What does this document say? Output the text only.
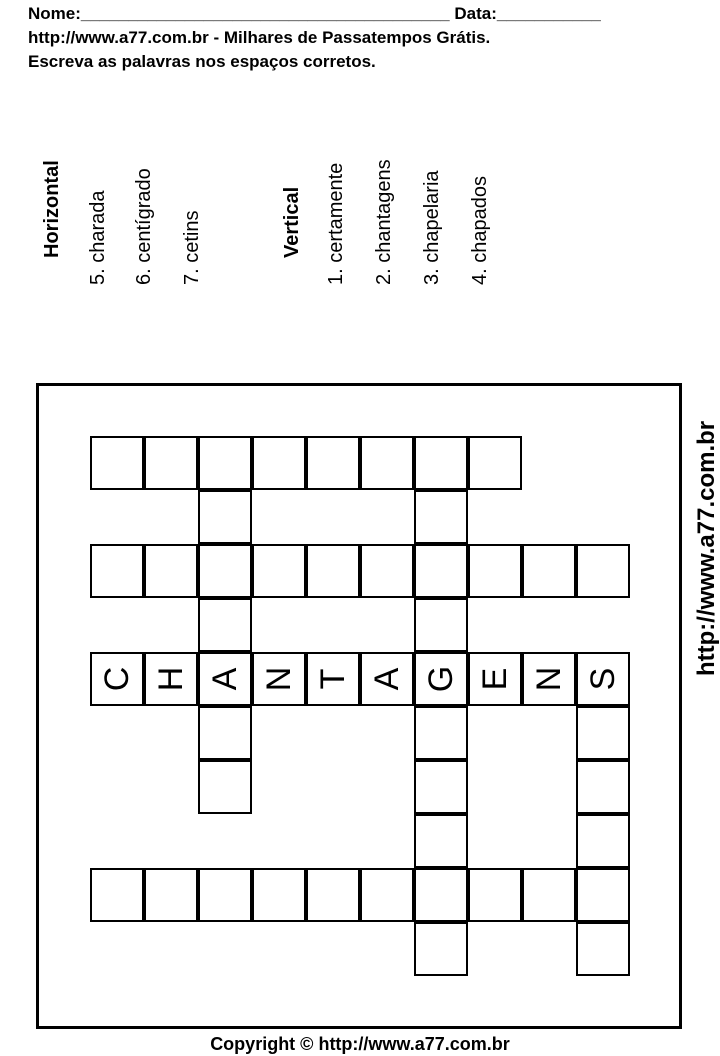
Nome:_______________________________________ Data:___________
http://www.a77.com.br - Milhares de Passatempos Grátis.
Escreva as palavras nos espaços corretos.
Horizontal 5. charada 6. centígrado 7. cetins	Vertical 1. certamente 2. chantagens 3. chapelaria 4. chapados
C H A N T A G E N S
http://www.a77.com.br
Copyright © http://www.a77.com.br
